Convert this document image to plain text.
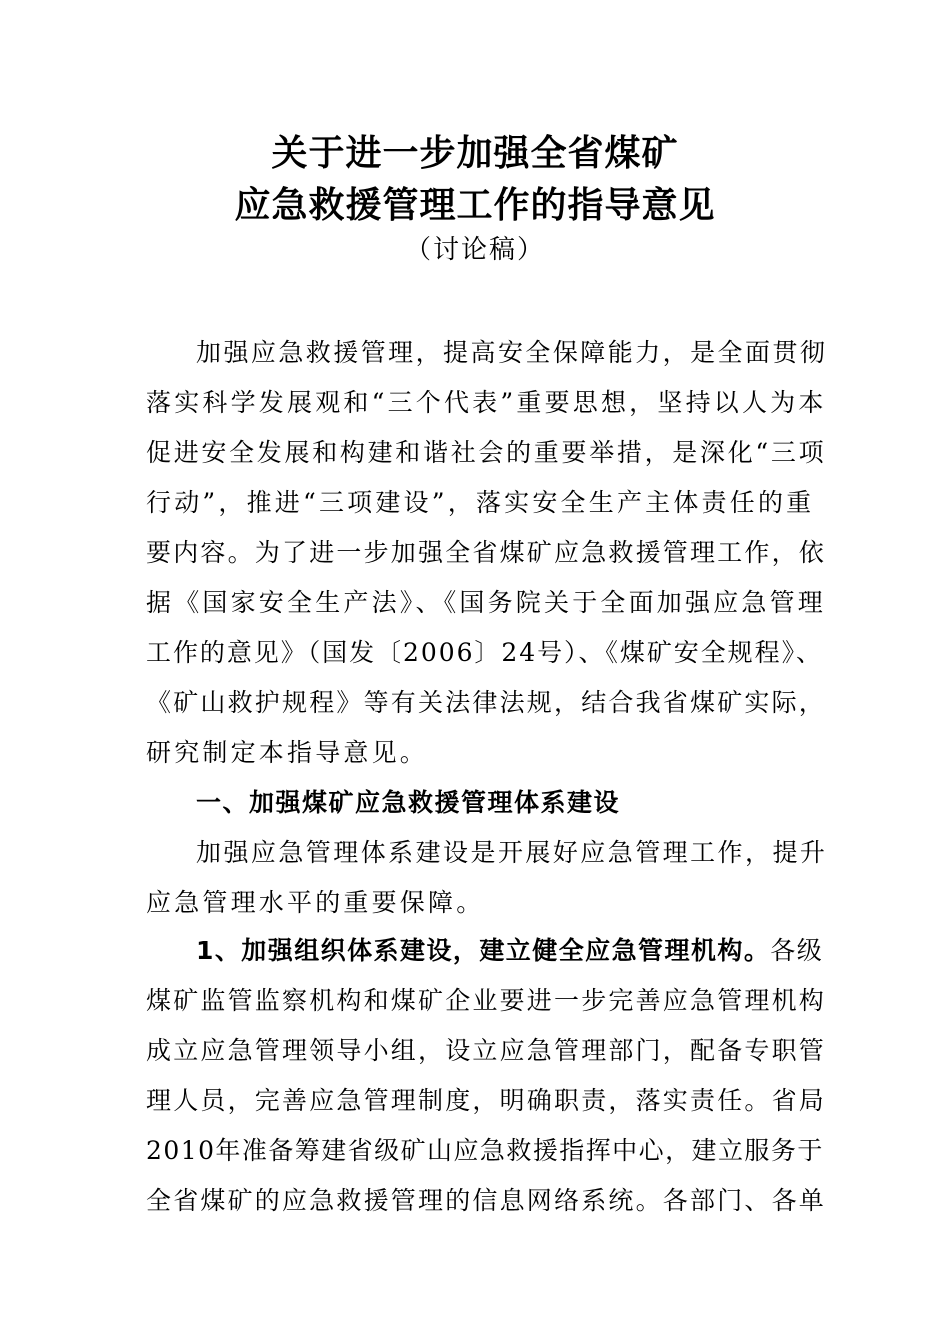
关于进一步加强全省煤矿
应急救援管理工作的指导意见
（讨论稿）

加强应急救援管理，提高安全保障能力，是全面贯彻

落实科学发展观和“三个代表”重要思想，坚持以人为本

促进安全发展和构建和谐社会的重要举措，是深化“三项

行动”，推进“三项建设”，落实安全生产主体责任的重

要内容。为了进一步加强全省煤矿应急救援管理工作，依

据《国家安全生产法》、《国务院关于全面加强应急管理

工作的意见》（国发〔2006〕24号）、《煤矿安全规程》、

《矿山救护规程》等有关法律法规，结合我省煤矿实际，

研究制定本指导意见。

一、加强煤矿应急救援管理体系建设

加强应急管理体系建设是开展好应急管理工作，提升

应急管理水平的重要保障。

1、加强组织体系建设，建立健全应急管理机构。各级

煤矿监管监察机构和煤矿企业要进一步完善应急管理机构

成立应急管理领导小组，设立应急管理部门，配备专职管

理人员，完善应急管理制度，明确职责，落实责任。省局

2010年准备筹建省级矿山应急救援指挥中心，建立服务于

全省煤矿的应急救援管理的信息网络系统。各部门、各单
